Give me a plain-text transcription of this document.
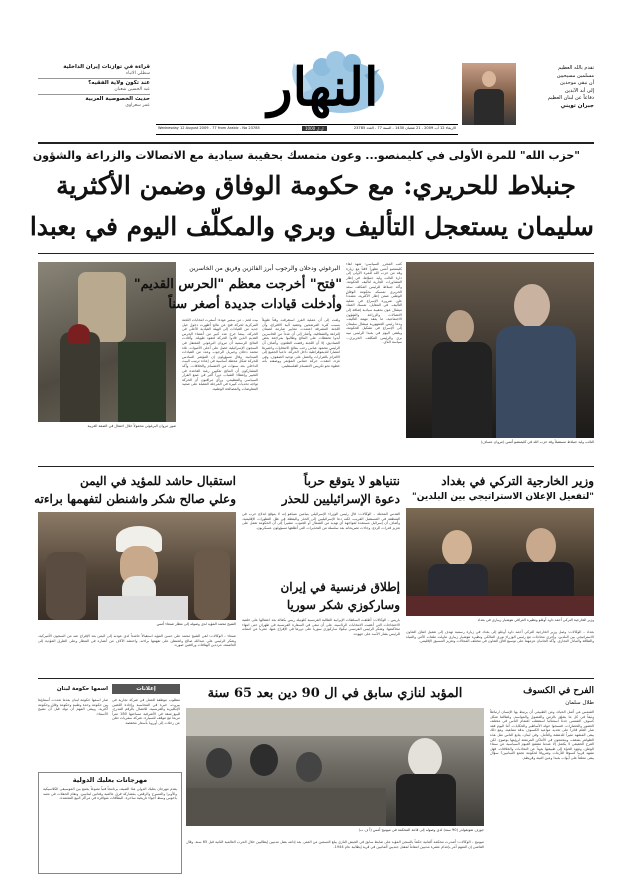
قراءة في توازنات إيران الداخلية
سطلي الانباء
عند تكون ولاية الفقيه؟
عبد الحسين شعبان
حديث الخصوصية العربية
عمر سعراوي	النهار	تقدم بالله العظيم
مسلمين مسيحيين
أن نبقى موحدين
إلى أبد الآبدين
دفاعاً عن لبنان العظيم
جبران تويني
Wednesday 12 August 2009 - 77 from Arabic - No 23785	1000 ل.ل	الاربعاء 12 آب 2009 - 21 شعبان 1430 - السنة 77 - العدد 23785
"حزب الله" للمرة الأولى في كليمنصو... وعون متمسك بحقيبة سيادية مع الاتصالات والزراعة والشؤون
جنبلاط للحريري: مع حكومة الوفاق وضمن الأكثرية
سليمان يستعجل التأليف وبري والمكلّف اليوم في بعبدا
صور مروان البرغوثي محمولاً خلال احتفال في الضفة الغربية
البرغوثي ودحلان والرجوب أبرز الفائزين وفريق من الخاسرين
"فتح" أخرجت معظم "الحرس القديم"
وأدخلت قيادات جديدة أصغر سناً
بيت لحم – من سمير عودة: أسفرت انتخابات اللجنة المركزية لحركة فتح عن نتائج أظهرت دخول جيل جديد من القيادات إلى الهيئة القيادية الأعلى في الحركة، بينما خرج عدد كبير من أعضاء الحرس القديم الذين قادوا الحركة لعقود طويلة. وأفادت النتائج الرسمية أن مروان البرغوثي المعتقل في السجون الإسرائيلية حصل على أعلى الأصوات، تلاه محمد دحلان وجبريل الرجوب وعدد من القيادات الميدانية. وقال مسؤولون إن المؤتمر السادس للحركة شكل محطة أساسية في إعادة ترتيب البيت الداخلي بعد سنوات من الانقسام والخلافات. وأكد المشاركون أن النتائج تعكس رغبة القاعدة في التغيير وإعطاء الشباب دوراً أكبر في صنع القرار السياسي والتنظيمي. ورأى مراقبون أن الحركة تواجه تحديات كبيرة في المرحلة المقبلة على صعيد المفاوضات والمصالحة الوطنية.
ولفت إلى أن عملية الفرز استغرقت وقتاً طويلاً بسبب كثرة المرشحين وتعقيد آلية الاقتراع، وأن اللجنة المشرفة اعتمدت معايير صارمة لضمان النزاهة والشفافية. وأشار إلى أن عدداً من الخاسرين أبدوا تحفظات على النتائج وطالبوا بمراجعة بعض الصناديق، إلا أن اللجنة رفضت الطعون. وأضاف أن الرئيس محمود عباس رحب بنتائج الانتخابات واعتبرها انتصاراً للديموقراطية داخل الحركة، داعياً الجميع إلى الالتزام بالقرارات والعمل على توحيد الصفوف. وفي غزة، انتقدت حركة حماس المؤتمر ووصفته بأنه خطوة نحو تكريس الانقسام الفلسطيني.
كتب المحرر السياسي: شهد لقاء كليمنصو أمس تطوراً لافتاً مع زيارة وفد من حزب الله للمرة الأولى إلى دارة النائب وليد جنبلاط، في إطار المشاورات الجارية لتأليف الحكومة. وأكد جنبلاط للرئيس المكلف سعد الحريري تمسكه بحكومة الوفاق الوطني ضمن إطار الأكثرية، مشدداً على ضرورة الإسراع في عملية التأليف. في المقابل، تمسك العماد ميشال عون بحقيبة سيادية إضافة إلى الاتصالات والزراعة والشؤون الاجتماعية، ما يعقد مهمة التأليف. ودعا رئيس الجمهورية ميشال سليمان إلى الإسراع في تشكيل الحكومة، ويلتقي اليوم في بعبدا الرئيس نبيه بري والرئيس المكلف. الحريري... سياسة النأي.
النائب وليد جنبلاط مستقبلاً وفد حزب الله في كليمنصو أمس (مروان عساف)
وزير الخارجية التركي في بغداد
"لتفعيل الإعلان الاستراتيجي بين البلدين"
وزير الخارجية التركي أحمد داود أوغلو ونظيره العراقي هوشيار زيباري في بغداد
بغداد – الوكالات: وصل وزير الخارجية التركي أحمد داود أوغلو إلى بغداد في زيارة رسمية تهدف إلى تفعيل اتفاق التعاون الاستراتيجي بين البلدين، وأجرى محادثات مع رئيس الوزراء نوري المالكي ونظيره هوشيار زيباري تناولت ملفات الأمن والمياه والطاقة والتبادل التجاري. وأكد الجانبان عزمهما على توسيع آفاق التعاون في مختلف المجالات وتعزيز التنسيق الإقليمي.
نتنياهو لا يتوقع حرباً
دعوة الإسرائيليين للحذر
القدس المحتلة – الوكالات: قال رئيس الوزراء الإسرائيلي بنيامين نتنياهو إنه لا يتوقع اندلاع حرب في المنطقة في المستقبل القريب، لكنه دعا الإسرائيليين إلى الحذر واليقظة في ظل التطورات الإقليمية. وأضاف أن إسرائيل مستعدة لمواجهة أي تهديد من الشمال أو الجنوب، مشيراً إلى أن الحكومة تعمل على تعزيز قدرات الردع. وجاءت تصريحاته بعد سلسلة من التحذيرات التي أطلقها مسؤولون عسكريون.
إطلاق فرنسية في إيران
وساركوزي شكر سوريا
باريس – الوكالات: أطلقت السلطات الإيرانية الطالبة الفرنسية كلوتيلد ريس بكفالة بعد اعتقالها على خلفية الاحتجاجات التي أعقبت الانتخابات الرئاسية، على أن تبقى في السفارة الفرنسية في طهران حتى انتهاء محاكمتها. وشكر الرئيس الفرنسي نيكولا ساركوزي سوريا على دورها في الإفراج عنها، معرباً عن امتنانه للرئيس بشار الأسد على جهوده.
استقبال حاشد للمؤيد في اليمن
وعلي صالح شكر واشنطن لتفهمها براءته
الشيخ محمد المؤيد لدى وصوله إلى مطار صنعاء أمس
صنعاء – الوكالات: لقي الشيخ محمد علي حسن المؤيد استقبالاً حاشداً لدى عودته إلى اليمن بعد الإفراج عنه من السجون الأميركية، وشكر الرئيس علي عبدالله صالح واشنطن على تفهمها براءته. واحتشد الآلاف من أنصاره في المطار وعلى الطرق المؤدية إلى العاصمة، مرددين الهتافات ورافعين صوره.
الفرح في الكسوف
طلال سلمان
الشمس هي أصل الحياة، ومن الطبيعي أن يرتبط بها الإنسان ارتباطاً وثيقاً في كل ما يتعلق بالزمن والفصول والمواسم. ولطالما شكل كسوف الشمس حدثاً استثنائياً استقطب اهتمام الناس في مختلف العصور والحضارات، فنسجوا حوله الأساطير والحكايات. أما اليوم فقد صار العلم قادراً على تحديد مواعيد الكسوف بدقة متناهية، ومع ذلك يبقى المشهد مثيراً للدهشة والتأمل. وفي لبنان، يتابع الناس مثل هذه الظواهر بشغف، ويتجمعون في الأماكن المرتفعة لرؤيتها بوضوح. لكن الفرح الحقيقي لا يكتمل إلا عندما تنقشع الغيوم السياسية عن سماء الوطن، وتعود الحياة إلى طبيعتها بعيداً عن التجاذبات والخلافات. فهل نشهد قريباً كسوفاً للأزمات وشروقاً لحكومة تجمع اللبنانيين؟ سؤال يبقى معلقاً على أبواب بعبدا وعين التينة وقريطم.
المؤبد لنازي سابق في ال 90 دين بعد 65 سنة
جوزف شونغولدر (90 سنة) لدى وصوله إلى قاعة المحكمة في ميونيخ أمس (أ ف ب)
ميونيخ – الوكالات: أصدرت محكمة ألمانية حكماً بالسجن المؤبد على ضابط سابق في الجيش النازي يبلغ التسعين من العمر، بعد إدانته بقتل مدنيين إيطاليين خلال الحرب العالمية الثانية قبل 65 سنة. وقال القاضي إن المتهم أمر بإعدام عشرة مدنيين انتقاماً لمقتل جنديين ألمانيين في قرية إيطالية عام 1944.
إعلانات
مطلوب موظفة للعمل في شركة تجارية في بيروت، خبرة في المحاسبة وإجادة اللغتين الإنكليزية والفرنسية. للاتصال بالرقم المدرج. للبيع شقة في الأشرفية مساحتها 180 متراً مربعاً مع موقف للسيارة. شركة سفريات تعلن عن رحلات إلى أوروبا بأسعار مخفضة.
اسمها حكومة لبنان
صار اسمها حكومة لبنان بعدما تعددت أسماؤها بين حكومة وحدة وطنية وحكومة وفاق وحكومة أكثرية. ويبقى المهم أن تولد قبل أن تشيخ الأسماء.
مهرجانات بعلبك الدولية
يقدم مهرجان بعلبك الدولي هذا الصيف برنامجاً فنياً متنوعاً يجمع بين الموسيقى الكلاسيكية والأوبرا والمسرح والرقص، بمشاركة فرق عالمية وفنانين لبنانيين. وتقام الحفلات في معبد باخوس وسط أجواء تاريخية ساحرة. البطاقات متوافرة في مراكز البيع المعتمدة.
